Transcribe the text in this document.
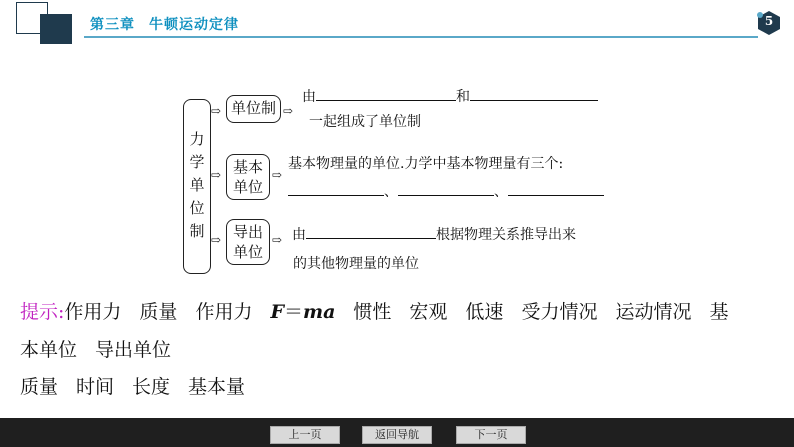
第三章 牛顿运动定律	5
力
学
单
位
制
⇨
⇨
⇨
单位制 ⇨
由	和
一起组成了单位制
基本
单位
⇨
基本物理量的单位.力学中基本物理量有三个:
、	、
导出
单位
⇨ 由	根据物理关系推导出来
的其他物理量的单位
提示:作用力 质量 作用力 F＝ma 惯性 宏观 低速 受力情况 运动情况 基
本单位 导出单位
质量 时间 长度 基本量
上一页	返回导航	下一页
